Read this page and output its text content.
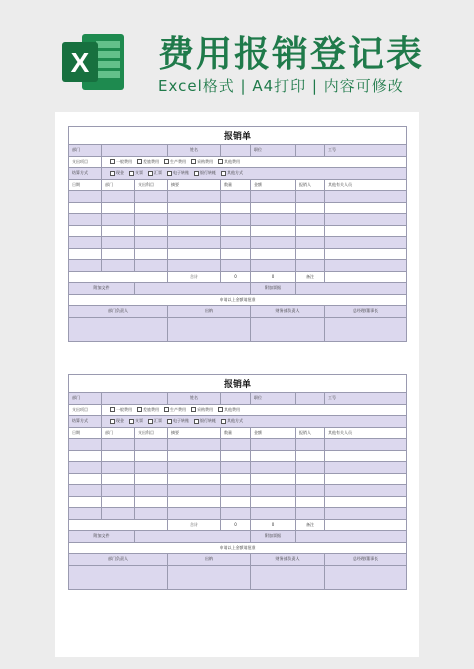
X 费用报销登记表
Excel格式 | A4打印 | 内容可修改
报销单							
部门			姓名		职位		工号
支出项目	一般费用 差旅费用 生产费用 采购费用 其他费用						
结算方式	现金 支票 汇票 电子转账 银行转帐 其他方式						
日期	部门	支出科目	摘要	数量	金额	报销人	其他有关人员

			合计	0	0	备注	
附加文件					附加票据		
申请以上金额请批准							
部门负责人			出纳		财务部负责人		总经理/董事长

报销单							
部门			姓名		职位		工号
支出项目	一般费用 差旅费用 生产费用 采购费用 其他费用						
结算方式	现金 支票 汇票 电子转账 银行转帐 其他方式						
日期	部门	支出科目	摘要	数量	金额	报销人	其他有关人员

			合计	0	0	备注	
附加文件					附加票据		
申请以上金额请批准							
部门负责人			出纳		财务部负责人		总经理/董事长
